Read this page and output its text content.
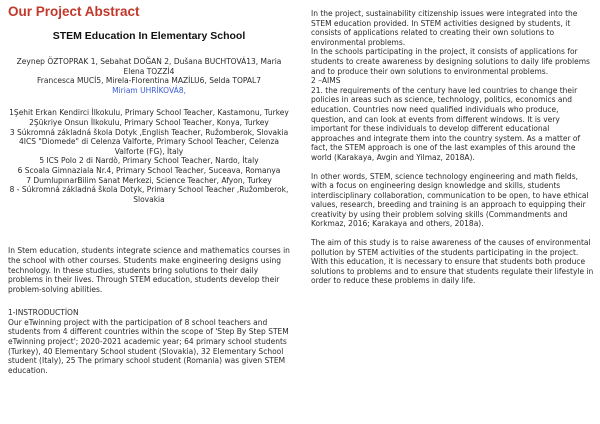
Our Project Abstract
STEM Education In Elementary School
Zeynep ÖZTOPRAK 1, Sebahat DOĞAN 2, Dušana BUCHTOVÁ13, Maria Elena TOZZİ4
Francesca MUCİ5, Mirela-Florentina MAZİLU6, Selda TOPAL7
Miriam UHRÍKOVÁ8,
1Şehit Erkan Kendirci İlkokulu, Primary School Teacher, Kastamonu, Turkey
2Şükriye Onsun İlkokulu, Primary School Teacher, Konya, Turkey
3 Súkromná základná škola Dotyk ,English Teacher, Ružomberok, Slovakia
4ICS "Diomede" di Celenza Valforte, Primary School Teacher, Celenza Valforte (FG), İtaly
5 ICS Polo 2 di Nardò, Primary School Teacher, Nardo, İtaly
6 Scoala Gimnaziala Nr.4, Primary School Teacher, Suceava, Romanya
7 DumlupınarBilim Sanat Merkezi, Science Teacher, Afyon, Turkey
8 - Súkromná základná škola Dotyk, Primary School Teacher ,Ružomberok, Slovakia

In Stem education, students integrate science and mathematics courses in the school with other courses. Students make engineering designs using technology. In these studies, students bring solutions to their daily problems in their lives. Through STEM education, students develop their problem-solving abilities.

1-INSTRODUCTİON

Our eTwinning project with the participation of 8 school teachers and students from 4 different countries within the scope of 'Step By Step STEM eTwinning project'; 2020-2021 academic year; 64 primary school students (Turkey), 40 Elementary School student (Slovakia), 32 Elementary School student (Italy), 25 The primary school student (Romania) was given STEM education.

In the project, sustainability citizenship issues were integrated into the STEM education provided. In STEM activities designed by students, it consists of applications related to creating their own solutions to environmental problems.

In the schools participating in the project, it consists of applications for students to create awareness by designing solutions to daily life problems and to produce their own solutions to environmental problems.

2 –AIMS

21. the requirements of the century have led countries to change their policies in areas such as science, technology, politics, economics and education. Countries now need qualified individuals who produce, question, and can look at events from different windows. It is very important for these individuals to develop different educational approaches and integrate them into the country system. As a matter of fact, the STEM approach is one of the last examples of this around the world (Karakaya, Avgin and Yilmaz, 2018A).

In other words, STEM, science technology engineering and math fields, with a focus on engineering design knowledge and skills, students interdisciplinary collaboration, communication to be open, to have ethical values, research, breeding and training is an approach to equipping their creativity by using their problem solving skills (Commandments and Korkmaz, 2016; Karakaya and others, 2018a).

The aim of this study is to raise awareness of the causes of environmental pollution by STEM activities of the students participating in the project. With this education, it is necessary to ensure that students both produce solutions to problems and to ensure that students regulate their lifestyle in order to reduce these problems in daily life.
